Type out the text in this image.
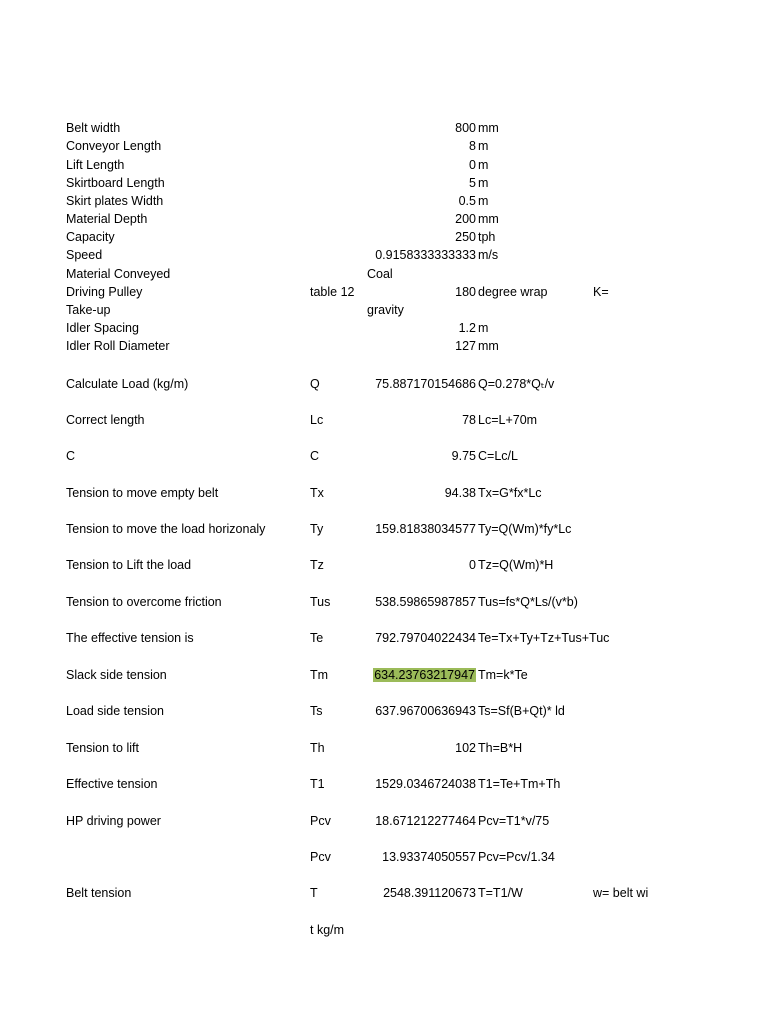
Belt width	800 mm
Conveyor Length	8 m
Lift Length	0 m
Skirtboard Length	5 m
Skirt plates Width	0.5 m
Material Depth	200 mm
Capacity	250 tph
Speed	0.9158333333333 m/s
Material Conveyed	Coal
Driving Pulley	table 12	180 degree wrap	K=
Take-up	gravity
Idler Spacing	1.2 m
Idler Roll Diameter	127 mm
Calculate Load (kg/m)	Q	75.887170154686 Q=0.278*Qₜ/v
Correct length	Lc	78 Lc=L+70m
C	C	9.75 C=Lc/L
Tension to move empty belt	Tx	94.38 Tx=G*fx*Lc
Tension to move the load horizonaly	Ty	159.81838034577 Ty=Q(Wm)*fy*Lc
Tension to Lift the load	Tz	0 Tz=Q(Wm)*H
Tension to overcome friction	Tus	538.59865987857 Tus=fs*Q*Ls/(v*b)
The effective tension is	Te	792.79704022434 Te=Tx+Ty+Tz+Tus+Tuc
Slack side tension	Tm	634.23763217947 Tm=k*Te
Load side tension	Ts	637.96700636943 Ts=Sf(B+Qt)* ld
Tension to lift	Th	102 Th=B*H
Effective tension	T1	1529.0346724038 T1=Te+Tm+Th
HP driving power	Pcv	18.671212277464 Pcv=T1*v/75
Pcv	13.93374050557 Pcv=Pcv/1.34
Belt tension	T	2548.391120673 T=T1/W	w= belt wi
t kg/m
